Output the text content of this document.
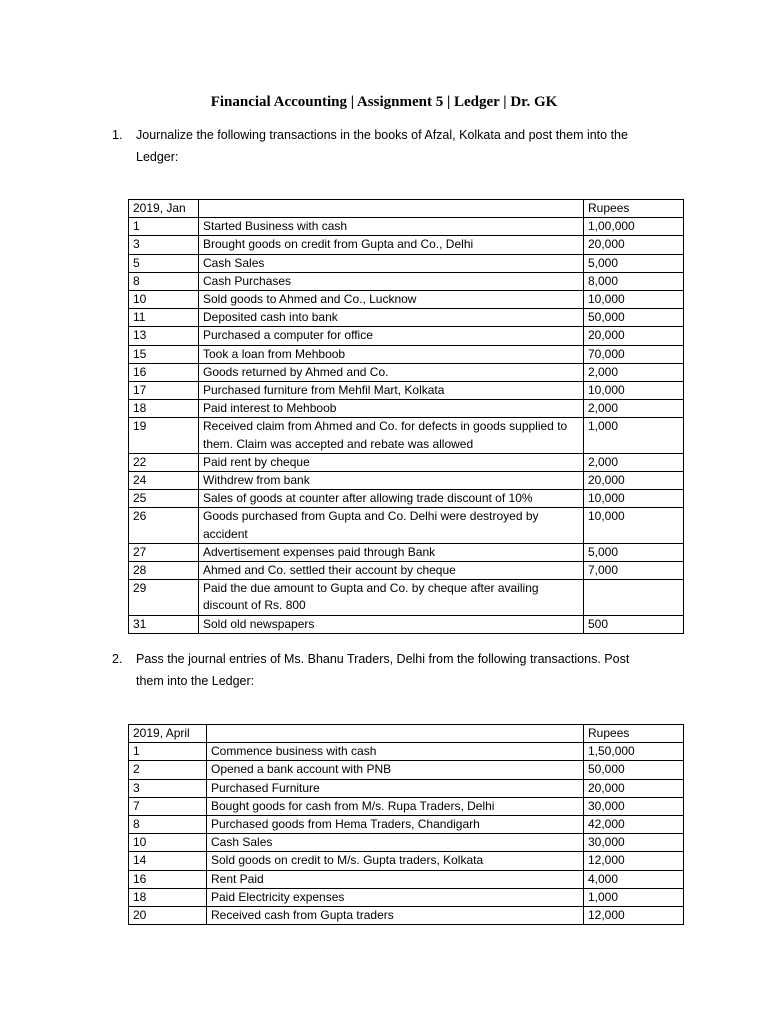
Financial Accounting | Assignment 5 | Ledger | Dr. GK
1. Journalize the following transactions in the books of Afzal, Kolkata and post them into the Ledger:
2019, Jan		Rupees
1	Started Business with cash	1,00,000
3	Brought goods on credit from Gupta and Co., Delhi	20,000
5	Cash Sales	5,000
8	Cash Purchases	8,000
10	Sold goods to Ahmed and Co., Lucknow	10,000
11	Deposited cash into bank	50,000
13	Purchased a computer for office	20,000
15	Took a loan from Mehboob	70,000
16	Goods returned by Ahmed and Co.	2,000
17	Purchased furniture from Mehfil Mart, Kolkata	10,000
18	Paid interest to Mehboob	2,000
19	Received claim from Ahmed and Co. for defects in goods supplied to them. Claim was accepted and rebate was allowed	1,000
22	Paid rent by cheque	2,000
24	Withdrew from bank	20,000
25	Sales of goods at counter after allowing trade discount of 10%	10,000
26	Goods purchased from Gupta and Co. Delhi were destroyed by accident	10,000
27	Advertisement expenses paid through Bank	5,000
28	Ahmed and Co. settled their account by cheque	7,000
29	Paid the due amount to Gupta and Co. by cheque after availing discount of Rs. 800	
31	Sold old newspapers	500
2. Pass the journal entries of Ms. Bhanu Traders, Delhi from the following transactions. Post them into the Ledger:
2019, April		Rupees
1	Commence business with cash	1,50,000
2	Opened a bank account with PNB	50,000
3	Purchased Furniture	20,000
7	Bought goods for cash from M/s. Rupa Traders, Delhi	30,000
8	Purchased goods from Hema Traders, Chandigarh	42,000
10	Cash Sales	30,000
14	Sold goods on credit to M/s. Gupta traders, Kolkata	12,000
16	Rent Paid	4,000
18	Paid Electricity expenses	1,000
20	Received cash from Gupta traders	12,000
